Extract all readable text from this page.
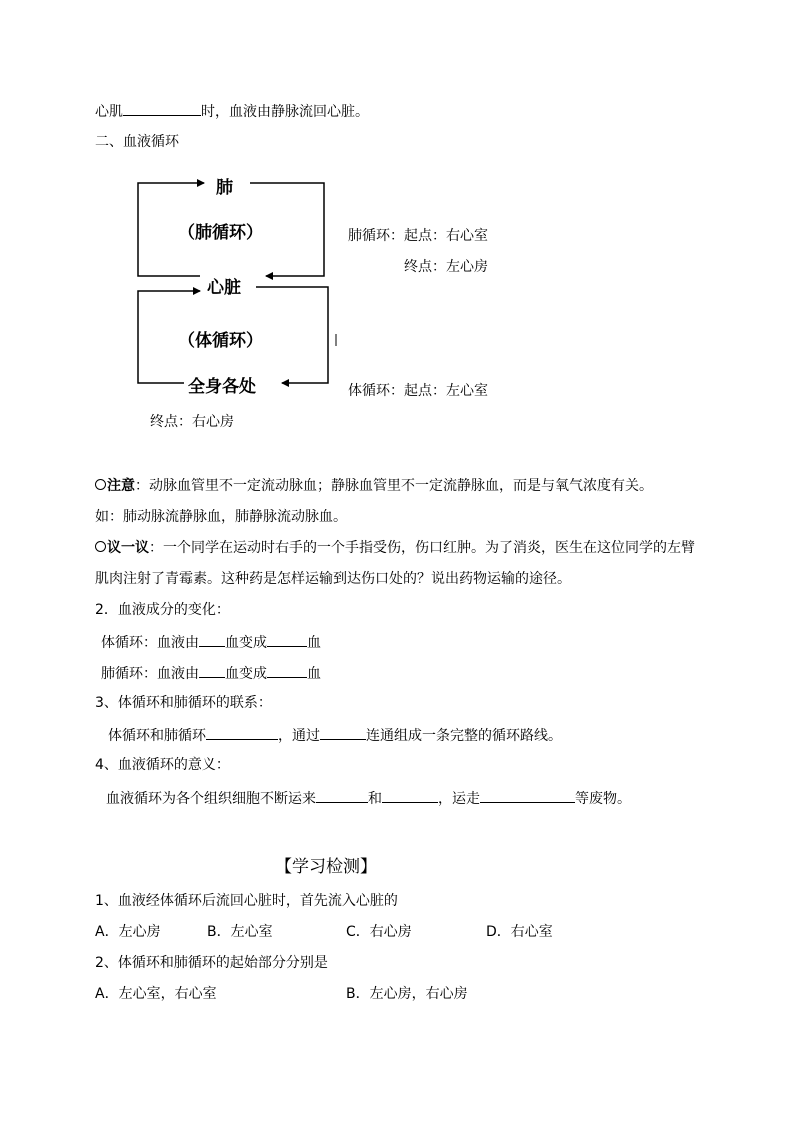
心肌	时，血液由静脉流回心脏。
二、血液循环
肺
（肺循环）
心脏
（体循环）
全身各处
肺循环：起点：右心室
终点：左心房
体循环：起点：左心室
终点：右心房
注意：动脉血管里不一定流动脉血；静脉血管里不一定流静脉血，而是与氧气浓度有关。
如：肺动脉流静脉血，肺静脉流动脉血。
议一议：一个同学在运动时右手的一个手指受伤，伤口红肿。为了消炎，医生在这位同学的左臂
肌肉注射了青霉素。这种药是怎样运输到达伤口处的？说出药物运输的途径。
2．血液成分的变化：
体循环：血液由 血变成	血
肺循环：血液由 血变成	血
3、体循环和肺循环的联系：
体循环和肺循环	，通过	连通组成一条完整的循环路线。
4、血液循环的意义：
血液循环为各个组织细胞不断运来	和	，运走	等废物。
【学习检测】
1、血液经体循环后流回心脏时，首先流入心脏的
A．左心房	B．左心室	C．右心房	D．右心室
2、体循环和肺循环的起始部分分别是
A．左心室，右心室	B．左心房，右心房
